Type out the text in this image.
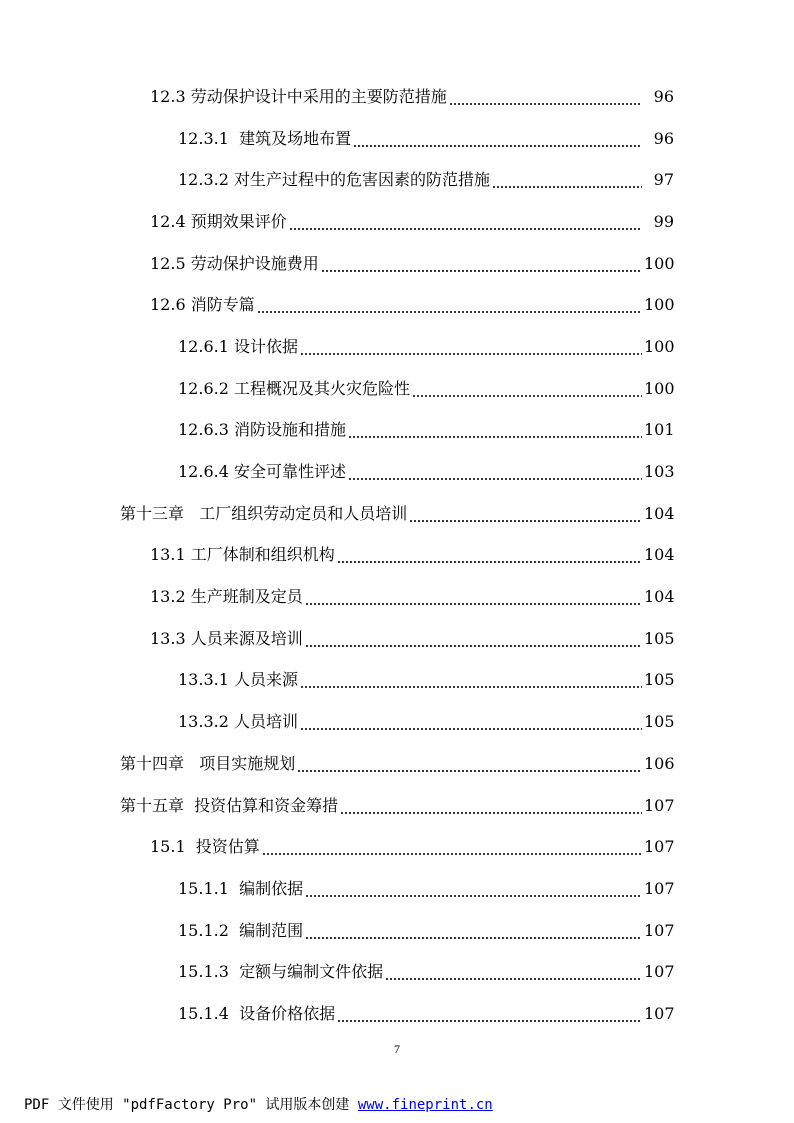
12.3 劳动保护设计中采用的主要防范措施	96
12.3.1  建筑及场地布置	96
12.3.2 对生产过程中的危害因素的防范措施	97
12.4 预期效果评价	99
12.5 劳动保护设施费用	100
12.6 消防专篇	100
12.6.1 设计依据	100
12.6.2 工程概况及其火灾危险性	100
12.6.3 消防设施和措施	101
12.6.4 安全可靠性评述	103
第十三章   工厂组织劳动定员和人员培训	104
13.1 工厂体制和组织机构	104
13.2 生产班制及定员	104
13.3 人员来源及培训	105
13.3.1 人员来源	105
13.3.2 人员培训	105
第十四章   项目实施规划	106
第十五章  投资估算和资金筹措	107
15.1  投资估算	107
15.1.1  编制依据	107
15.1.2  编制范围	107
15.1.3  定额与编制文件依据	107
15.1.4  设备价格依据	107
7
PDF 文件使用 "pdfFactory Pro" 试用版本创建 www.fineprint.cn
